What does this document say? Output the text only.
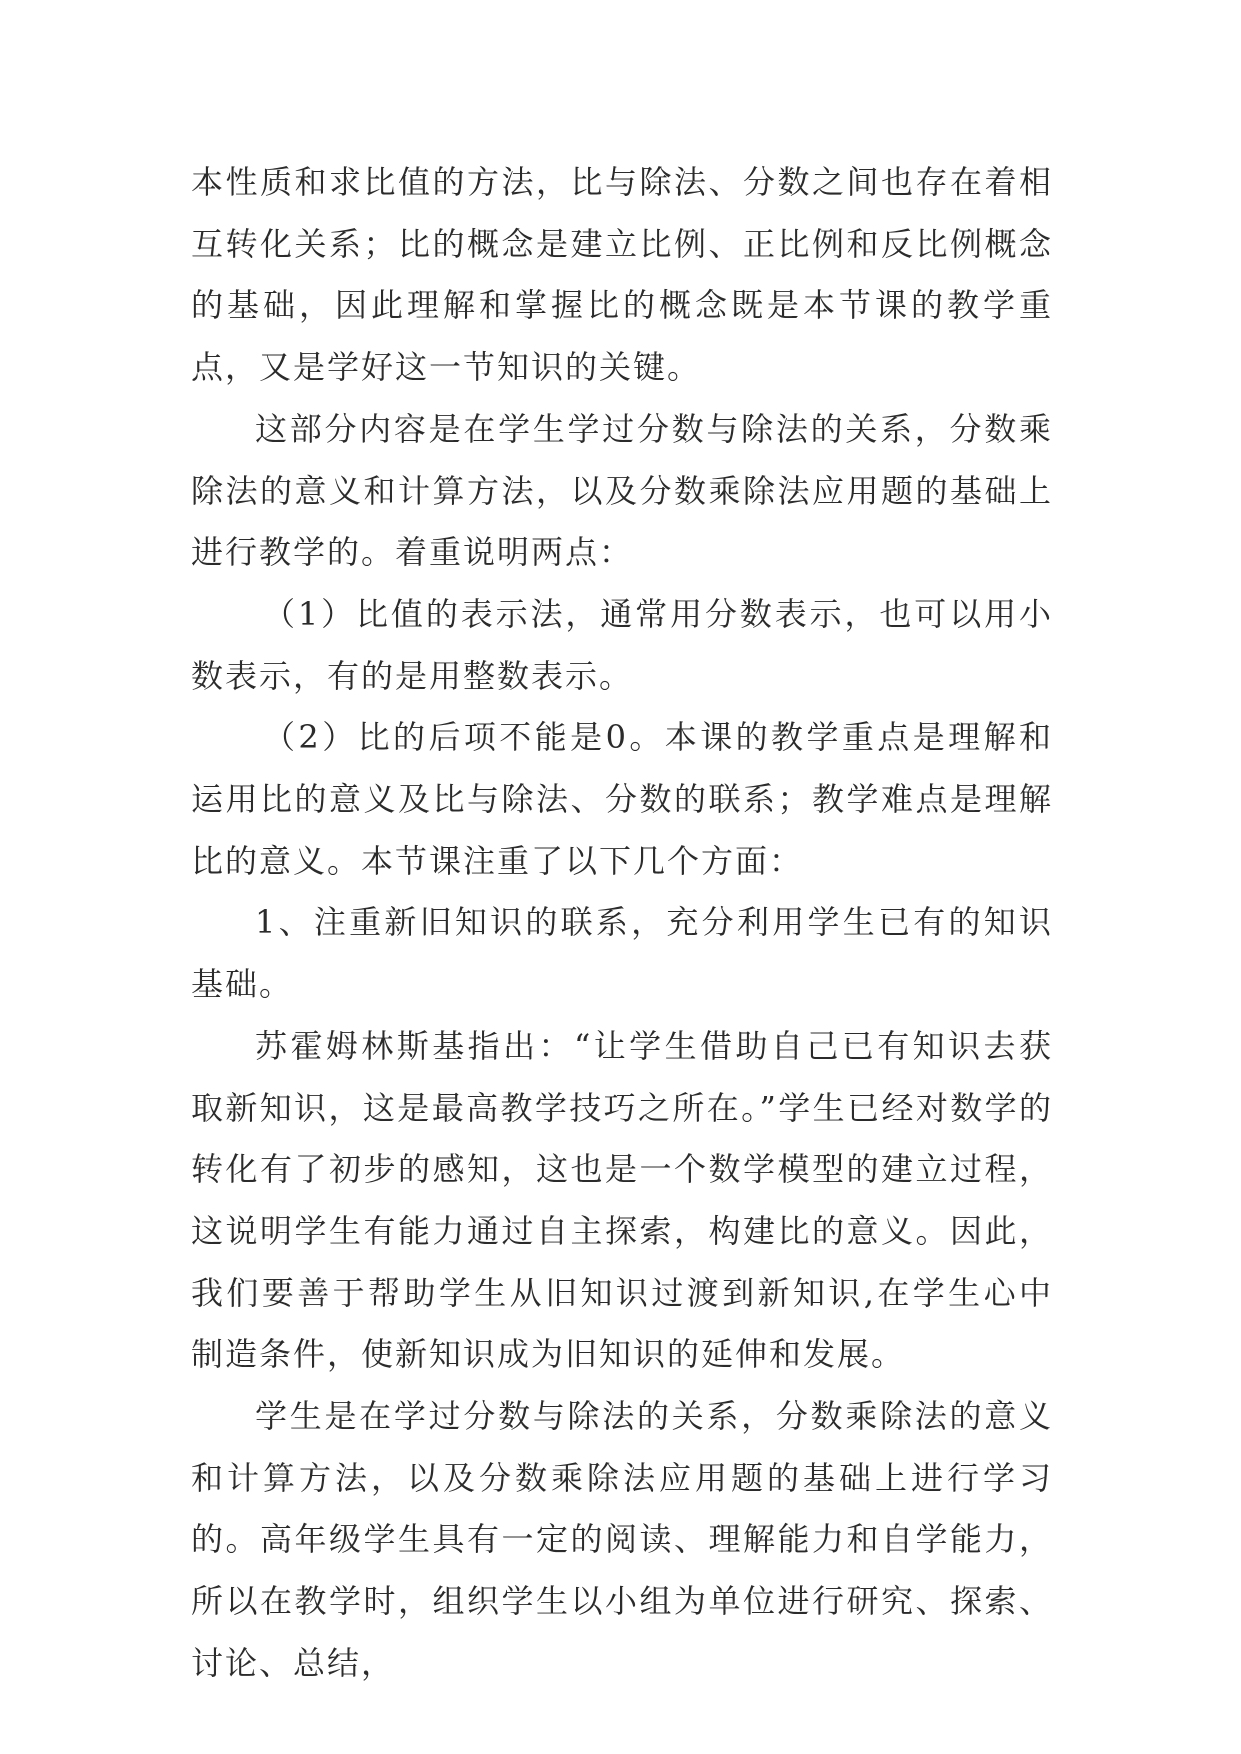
本性质和求比值的方法，比与除法、分数之间也存在着相互转化关系；比的概念是建立比例、正比例和反比例概念的基础，因此理解和掌握比的概念既是本节课的教学重点，又是学好这一节知识的关键。

这部分内容是在学生学过分数与除法的关系，分数乘除法的意义和计算方法，以及分数乘除法应用题的基础上进行教学的。着重说明两点：

（1）比值的表示法，通常用分数表示，也可以用小数表示，有的是用整数表示。

（2）比的后项不能是0。本课的教学重点是理解和运用比的意义及比与除法、分数的联系；教学难点是理解比的意义。本节课注重了以下几个方面：

1、注重新旧知识的联系，充分利用学生已有的知识基础。

苏霍姆林斯基指出：“让学生借助自己已有知识去获取新知识，这是最高教学技巧之所在。”学生已经对数学的转化有了初步的感知，这也是一个数学模型的建立过程，这说明学生有能力通过自主探索，构建比的意义。因此，我们要善于帮助学生从旧知识过渡到新知识,在学生心中制造条件，使新知识成为旧知识的延伸和发展。

学生是在学过分数与除法的关系，分数乘除法的意义和计算方法，以及分数乘除法应用题的基础上进行学习的。高年级学生具有一定的阅读、理解能力和自学能力，所以在教学时，组织学生以小组为单位进行研究、探索、讨论、总结，
